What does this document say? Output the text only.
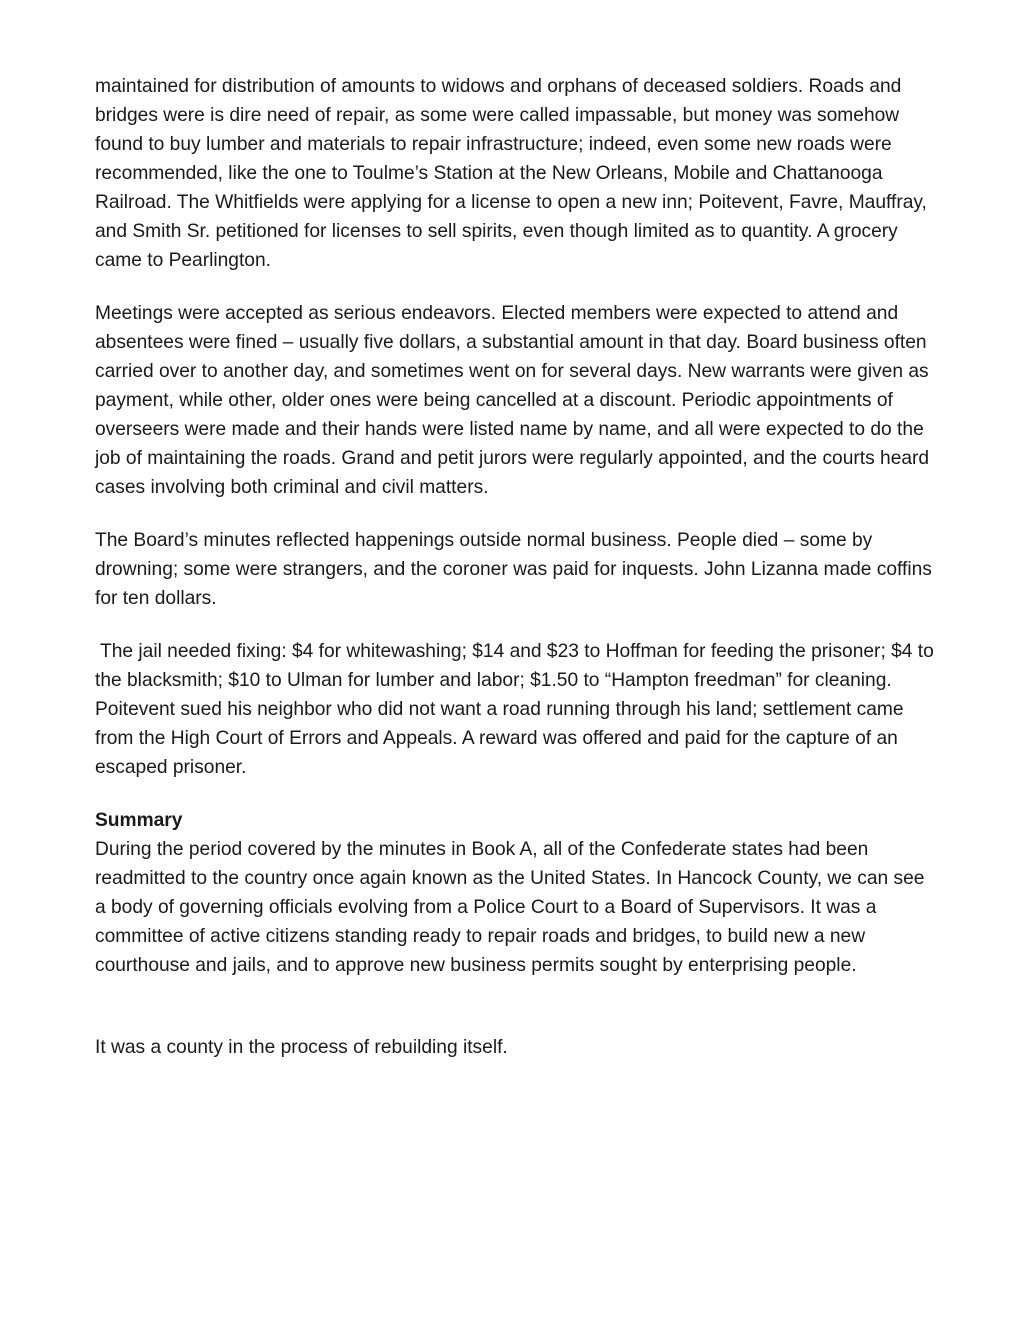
maintained for distribution of amounts to widows and orphans of deceased soldiers. Roads and bridges were is dire need of repair, as some were called impassable, but money was somehow found to buy lumber and materials to repair infrastructure; indeed, even some new roads were recommended, like the one to Toulme’s Station at the New Orleans, Mobile and Chattanooga Railroad. The Whitfields were applying for a license to open a new inn; Poitevent, Favre, Mauffray, and Smith Sr. petitioned for licenses to sell spirits, even though limited as to quantity. A grocery came to Pearlington.

Meetings were accepted as serious endeavors. Elected members were expected to attend and absentees were fined – usually five dollars, a substantial amount in that day. Board business often carried over to another day, and sometimes went on for several days. New warrants were given as payment, while other, older ones were being cancelled at a discount. Periodic appointments of overseers were made and their hands were listed name by name, and all were expected to do the job of maintaining the roads. Grand and petit jurors were regularly appointed, and the courts heard cases involving both criminal and civil matters.

The Board’s minutes reflected happenings outside normal business. People died – some by drowning; some were strangers, and the coroner was paid for inquests. John Lizanna made coffins for ten dollars.

The jail needed fixing: $4 for whitewashing; $14 and $23 to Hoffman for feeding the prisoner; $4 to the blacksmith; $10 to Ulman for lumber and labor; $1.50 to “Hampton freedman” for cleaning. Poitevent sued his neighbor who did not want a road running through his land; settlement came from the High Court of Errors and Appeals. A reward was offered and paid for the capture of an escaped prisoner.

Summary
During the period covered by the minutes in Book A, all of the Confederate states had been readmitted to the country once again known as the United States. In Hancock County, we can see a body of governing officials evolving from a Police Court to a Board of Supervisors. It was a committee of active citizens standing ready to repair roads and bridges, to build new a new courthouse and jails, and to approve new business permits sought by enterprising people.

It was a county in the process of rebuilding itself.
